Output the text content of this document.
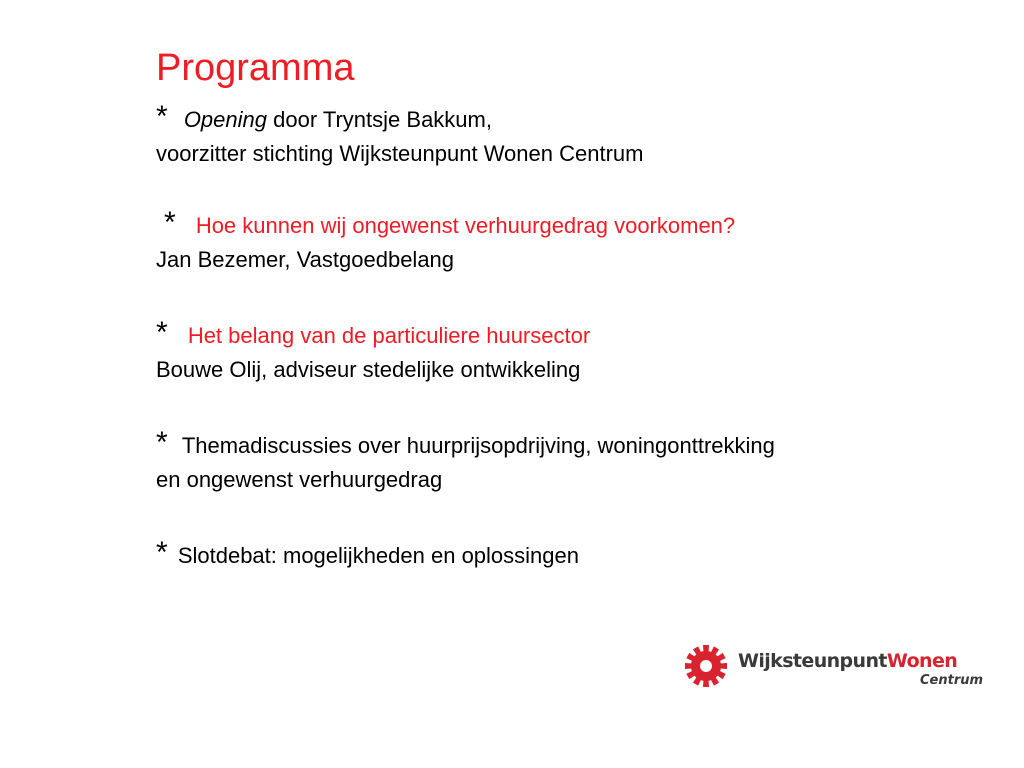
Programma
* Opening door Tryntsje Bakkum,
voorzitter stichting Wijksteunpunt Wonen Centrum
* Hoe kunnen wij ongewenst verhuurgedrag voorkomen?
Jan Bezemer, Vastgoedbelang
* Het belang van de particuliere huursector
Bouwe Olij, adviseur stedelijke ontwikkeling
* Themadiscussies over huurprijsopdrijving, woningonttrekking
en ongewenst verhuurgedrag
* Slotdebat: mogelijkheden en oplossingen
WijksteunpuntWonen
Centrum
